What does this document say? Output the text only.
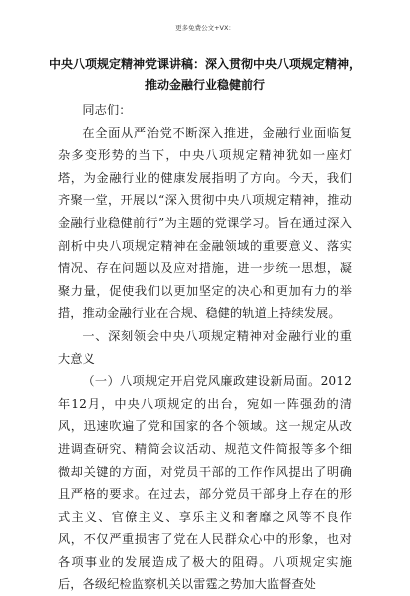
更多免费公文+VX：
中央八项规定精神党课讲稿：深入贯彻中央八项规定精神，
推动金融行业稳健前行

同志们：

在全面从严治党不断深入推进，金融行业面临复杂多变形势的当下，中央八项规定精神犹如一座灯塔，为金融行业的健康发展指明了方向。今天，我们齐聚一堂，开展以“深入贯彻中央八项规定精神，推动金融行业稳健前行”为主题的党课学习。旨在通过深入剖析中央八项规定精神在金融领域的重要意义、落实情况、存在问题以及应对措施，进一步统一思想，凝聚力量，促使我们以更加坚定的决心和更加有力的举措，推动金融行业在合规、稳健的轨道上持续发展。

一、深刻领会中央八项规定精神对金融行业的重大意义

（一）八项规定开启党风廉政建设新局面。2012年12月，中央八项规定的出台，宛如一阵强劲的清风，迅速吹遍了党和国家的各个领域。这一规定从改进调查研究、精简会议活动、规范文件简报等多个细微却关键的方面，对党员干部的工作作风提出了明确且严格的要求。在过去，部分党员干部身上存在的形式主义、官僚主义、享乐主义和奢靡之风等不良作风，不仅严重损害了党在人民群众心中的形象，也对各项事业的发展造成了极大的阻碍。八项规定实施后，各级纪检监察机关以雷霆之势加大监督查处
